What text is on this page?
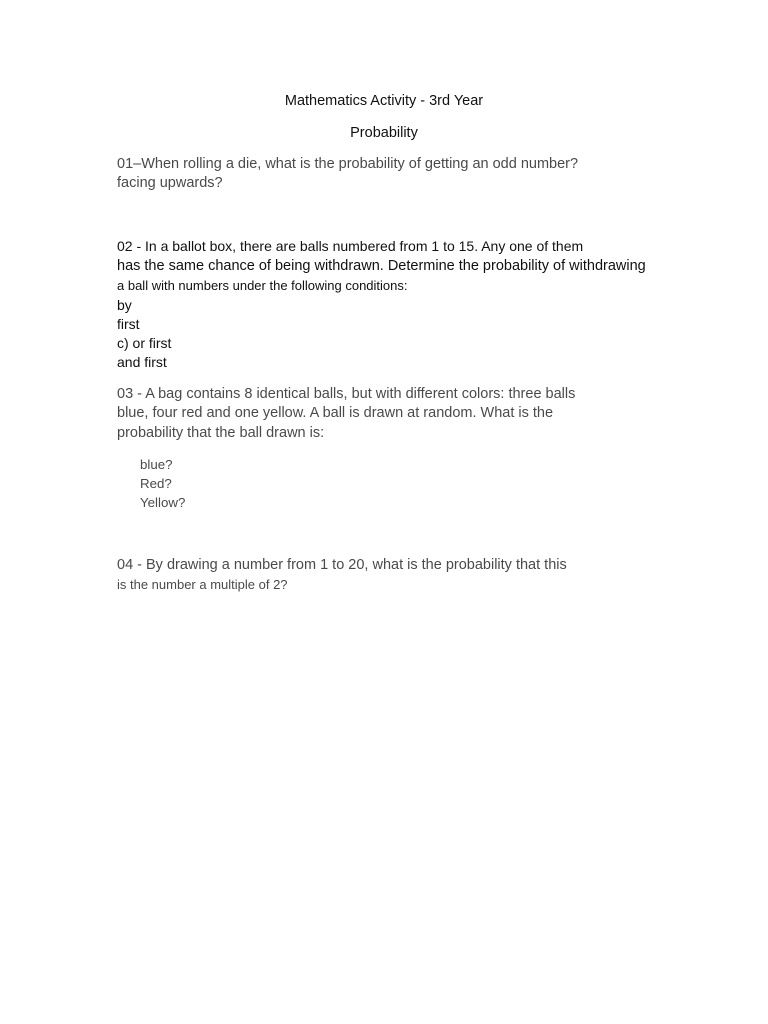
Mathematics Activity - 3rd Year
Probability
01–When rolling a die, what is the probability of getting an odd number?
facing upwards?
02 - In a ballot box, there are balls numbered from 1 to 15. Any one of them
has the same chance of being withdrawn. Determine the probability of withdrawing
a ball with numbers under the following conditions:
by
first
c) or first
and first
03 - A bag contains 8 identical balls, but with different colors: three balls
blue, four red and one yellow. A ball is drawn at random. What is the
probability that the ball drawn is:
blue?
Red?
Yellow?
04 - By drawing a number from 1 to 20, what is the probability that this
is the number a multiple of 2?
